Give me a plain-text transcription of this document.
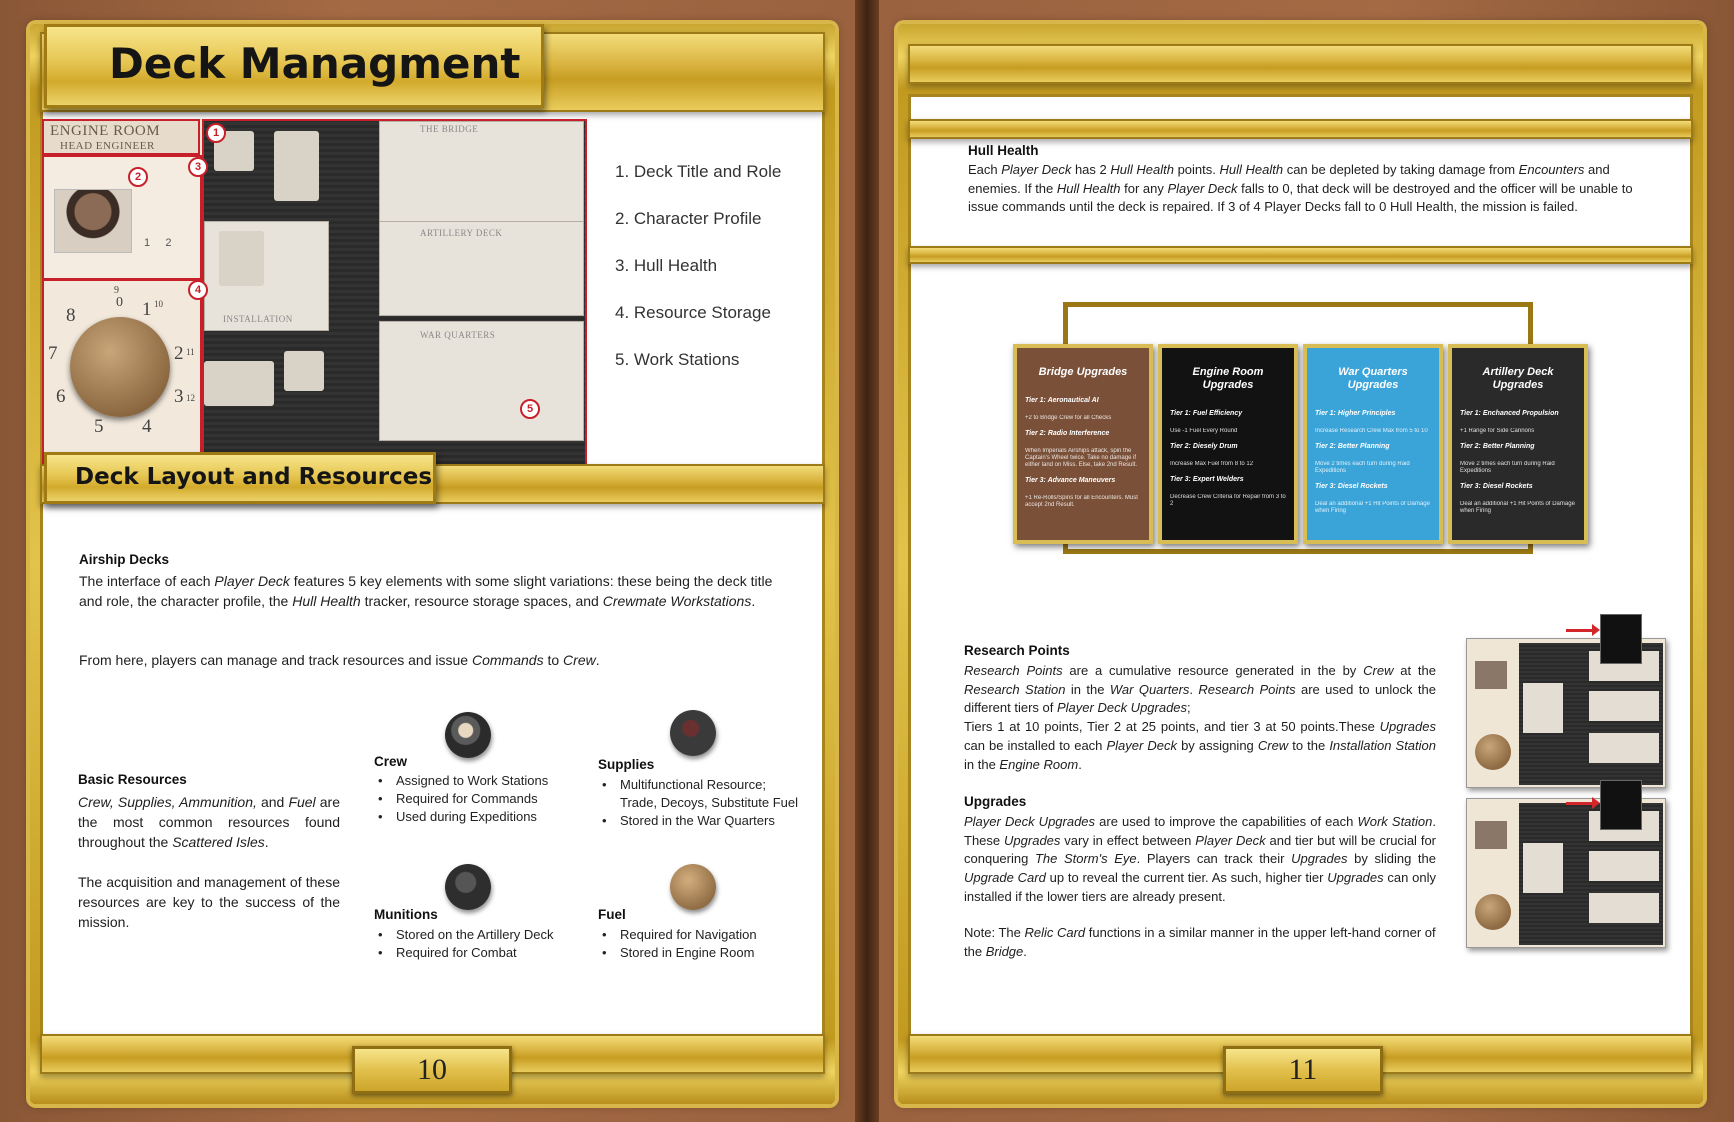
Deck Managment
ENGINE ROOM
HEAD ENGINEER
1     2
0 1
2
3
4
5
6
7
8
9
10
11
12
THE BRIDGE
ARTILLERY DECK
INSTALLATION
WAR QUARTERS
1
2
3
4
5
1. Deck Title and Role
2. Character Profile
3. Hull Health
4. Resource Storage
5. Work Stations
Deck Layout and Resources
Airship Decks
The interface of each Player Deck features 5 key elements with some slight variations: these being the deck title and role, the character profile, the Hull Health tracker, resource storage spaces, and Crewmate Workstations.
From here, players can manage and track resources and issue Commands to Crew.
Basic Resources
Crew, Supplies, Ammunition, and Fuel are the most common resources found throughout the Scattered Isles.
The acquisition and management of these resources are key to the success of the mission.
Crew
• Assigned to Work Stations
• Required for Commands
• Used during Expeditions
Supplies
• Multifunctional Resource; Trade, Decoys, Substitute Fuel
• Stored in the War Quarters
Munitions
• Stored on the Artillery Deck
• Required for Combat
Fuel
• Required for Navigation
• Stored in Engine Room
10
Hull Health
Each Player Deck has 2 Hull Health points. Hull Health can be depleted by taking damage from Encounters and enemies. If the Hull Health for any Player Deck falls to 0, that deck will be destroyed and the officer will be unable to issue commands until the deck is repaired. If 3 of 4 Player Decks fall to 0 Hull Health, the mission is failed.
Bridge Upgrades
Tier 1: Aeronautical AI
+2 to Bridge Crew for all Checks
Tier 2: Radio Interference
When Imperials Airships attack, spin the Captain's Wheel twice. Take no damage if either land on Miss. Else, take 2nd Result.
Tier 3: Advance Maneuvers
+1 Re-Rolls/Spins for all Encounters. Must accept 2nd Result.
Engine Room Upgrades
Tier 1: Fuel Efficiency
Use -1 Fuel Every Round
Tier 2: Diesely Drum
Increase Max Fuel from 8 to 12
Tier 3: Expert Welders
Decrease Crew Criteria for Repair from 3 to 2
War Quarters Upgrades
Tier 1: Higher Principles
Increase Research Crew Max from 5 to 10
Tier 2: Better Planning
Move 2 times each turn during Raid Expeditions
Tier 3: Diesel Rockets
Deal an additional +1 Hit Points of Damage when Firing
Artillery Deck Upgrades
Tier 1: Enchanced Propulsion
+1 Range for Side Cannons
Tier 2: Better Planning
Move 2 times each turn during Raid Expeditions
Tier 3: Diesel Rockets
Deal an additional +1 Hit Points of Damage when Firing
Research Points
Research Points are a cumulative resource generated in the by Crew at the Research Station in the War Quarters. Research Points are used to unlock the different tiers of Player Deck Upgrades;
Tiers 1 at 10 points, Tier 2 at 25 points, and tier 3 at 50 points.These Upgrades can be installed to each Player Deck by assigning Crew to the Installation Station in the Engine Room.
Upgrades
Player Deck Upgrades are used to improve the capabilities of each Work Station. These Upgrades vary in effect between Player Deck and tier but will be crucial for conquering The Storm's Eye. Players can track their Upgrades by sliding the Upgrade Card up to reveal the current tier. As such, higher tier Upgrades can only installed if the lower tiers are already present.
Note: The Relic Card functions in a similar manner in the upper left-hand corner of the Bridge.
11
